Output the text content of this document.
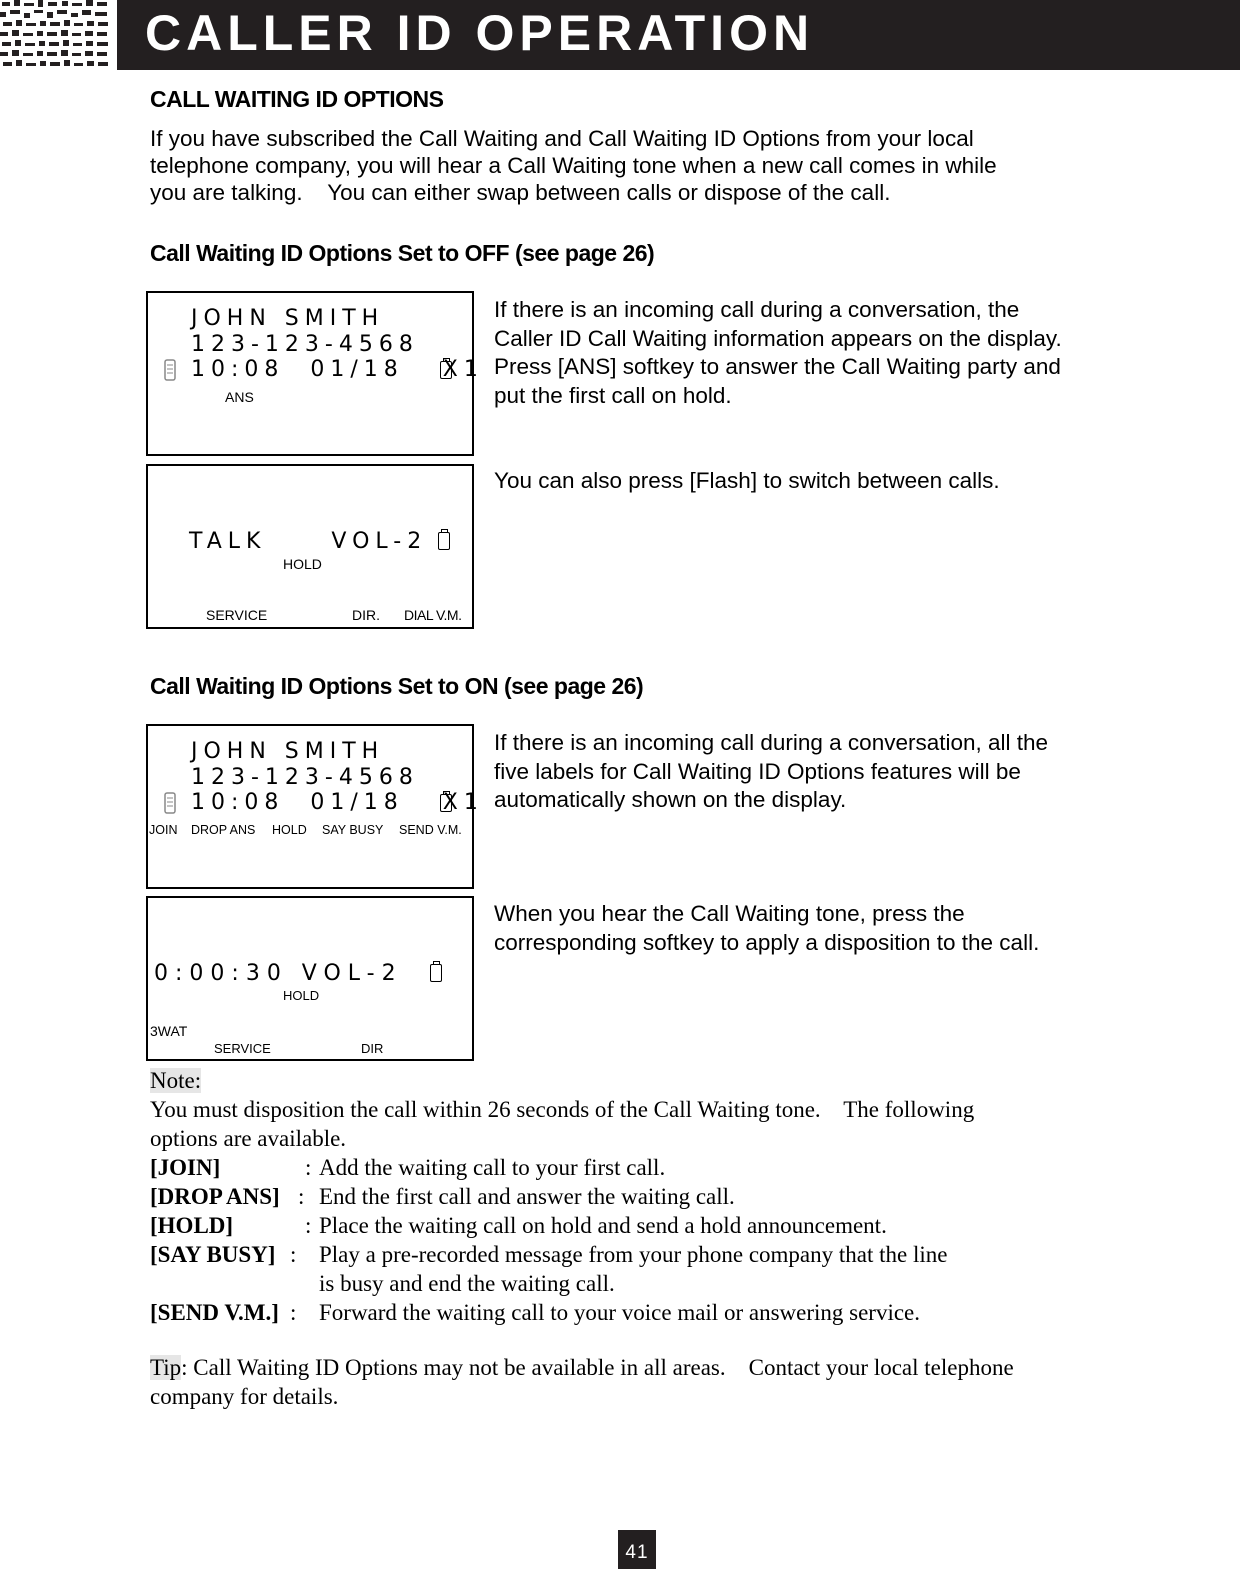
CALLER ID OPERATION
CALL WAITING ID OPTIONS
If you have subscribed the Call Waiting and Call Waiting ID Options from your local
telephone company, you will hear a Call Waiting tone when a new call comes in while
you are talking.    You can either swap between calls or dispose of the call.
Call Waiting ID Options Set to OFF (see page 26)
JOHN SMITH
123-123-4568
10:08  01/18   X1
ANS
TALK     VOL-2
HOLD
SERVICE	DIR. DIAL V.M.
If there is an incoming call during a conversation, the
Caller ID Call Waiting information appears on the display.
Press [ANS] softkey to answer the Call Waiting party and
put the first call on hold.
You can also press [Flash] to switch between calls.
Call Waiting ID Options Set to ON (see page 26)
JOHN SMITH
123-123-4568
10:08  01/18   X1
JOIN DROP ANS HOLD SAY BUSY SEND V.M.
0:00:30 VOL-2
HOLD
3WAT
SERVICE	DIR
If there is an incoming call during a conversation, all the
five labels for Call Waiting ID Options features will be
automatically shown on the display.
When you hear the Call Waiting tone, press the
corresponding softkey to apply a disposition to the call.
Note:
You must disposition the call within 26 seconds of the Call Waiting tone.    The following
options are available.
[JOIN]	: Add the waiting call to your first call.
[DROP ANS] : End the first call and answer the waiting call.
[HOLD]	: Place the waiting call on hold and send a hold announcement.
[SAY BUSY] : Play a pre-recorded message from your phone company that the line
is busy and end the waiting call.
[SEND V.M.] : Forward the waiting call to your voice mail or answering service.
Tip: Call Waiting ID Options may not be available in all areas.    Contact your local telephone
company for details.
41
